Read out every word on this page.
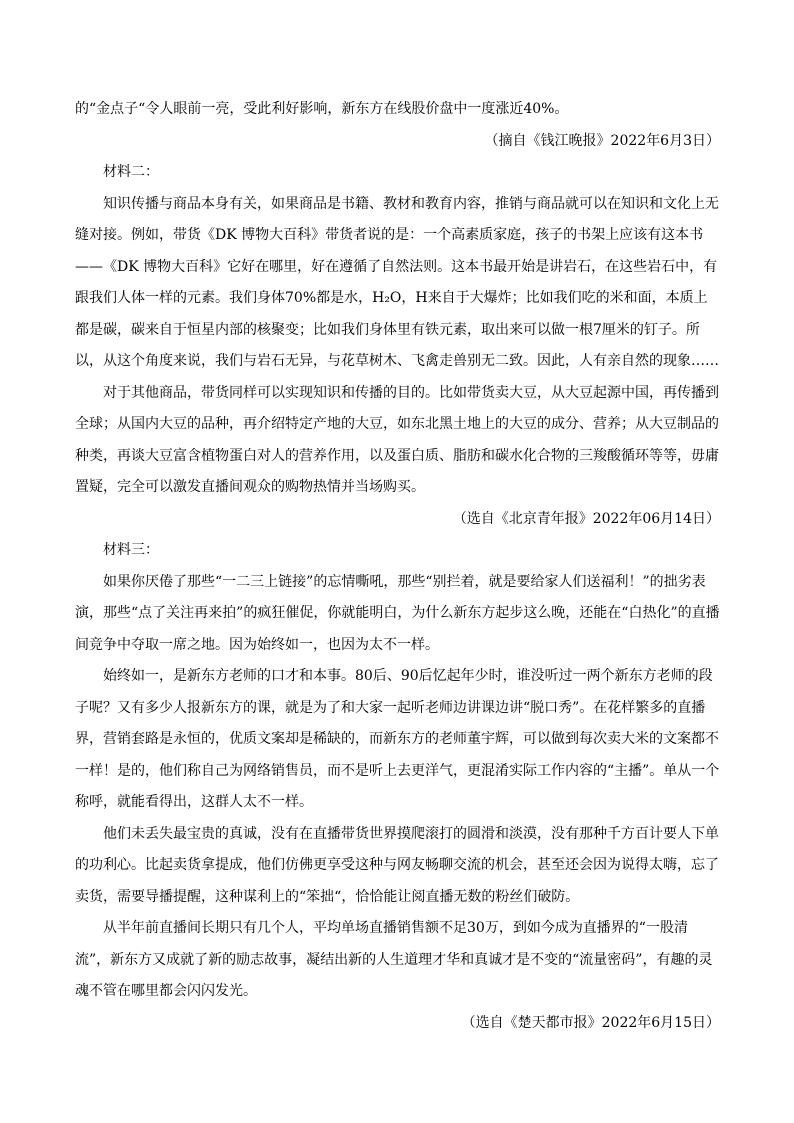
的“金点子“令人眼前一亮，受此利好影响，新东方在线股价盘中一度涨近40%。

（摘自《钱江晚报》2022年6月3日）

材料二：

知识传播与商品本身有关，如果商品是书籍、教材和教育内容，推销与商品就可以在知识和文化上无缝对接。例如，带货《DK 博物大百科》带货者说的是：一个高素质家庭，孩子的书架上应该有这本书——《DK 博物大百科》它好在哪里，好在遵循了自然法则。这本书最开始是讲岩石，在这些岩石中，有跟我们人体一样的元素。我们身体70%都是水，H₂O，H来自于大爆炸；比如我们吃的米和面，本质上都是碳，碳来自于恒星内部的核聚变；比如我们身体里有铁元素，取出来可以做一根7厘米的钉子。所以，从这个角度来说，我们与岩石无异，与花草树木、飞禽走兽别无二致。因此，人有亲自然的现象……

对于其他商品，带货同样可以实现知识和传播的目的。比如带货卖大豆，从大豆起源中国，再传播到全球；从国内大豆的品种，再介绍特定产地的大豆，如东北黑土地上的大豆的成分、营养；从大豆制品的种类，再谈大豆富含植物蛋白对人的营养作用，以及蛋白质、脂肪和碳水化合物的三羧酸循环等等，毋庸置疑，完全可以激发直播间观众的购物热情并当场购买。

（选自《北京青年报》2022年06月14日）

材料三：

如果你厌倦了那些“一二三上链接”的忘情嘶吼，那些“别拦着，就是要给家人们送福利！”的拙劣表演，那些“点了关注再来拍”的疯狂催促，你就能明白，为什么新东方起步这么晚，还能在“白热化”的直播间竞争中夺取一席之地。因为始终如一，也因为太不一样。

始终如一，是新东方老师的口才和本事。80后、90后忆起年少时，谁没听过一两个新东方老师的段子呢？又有多少人报新东方的课，就是为了和大家一起听老师边讲课边讲“脱口秀”。在花样繁多的直播界，营销套路是永恒的，优质文案却是稀缺的，而新东方的老师董宇辉，可以做到每次卖大米的文案都不一样！是的，他们称自己为网络销售员，而不是听上去更洋气，更混淆实际工作内容的“主播”。单从一个称呼，就能看得出，这群人太不一样。

他们未丢失最宝贵的真诚，没有在直播带货世界摸爬滚打的圆滑和淡漠，没有那种千方百计要人下单的功利心。比起卖货拿提成，他们仿佛更享受这种与网友畅聊交流的机会，甚至还会因为说得太嗨，忘了卖货，需要导播提醒，这种谋利上的“笨拙“，恰恰能让阅直播无数的粉丝们破防。

从半年前直播间长期只有几个人，平均单场直播销售额不足30万，到如今成为直播界的“一股清流”，新东方又成就了新的励志故事，凝结出新的人生道理才华和真诚才是不变的“流量密码”，有趣的灵魂不管在哪里都会闪闪发光。

（选自《楚天都市报》2022年6月15日）
